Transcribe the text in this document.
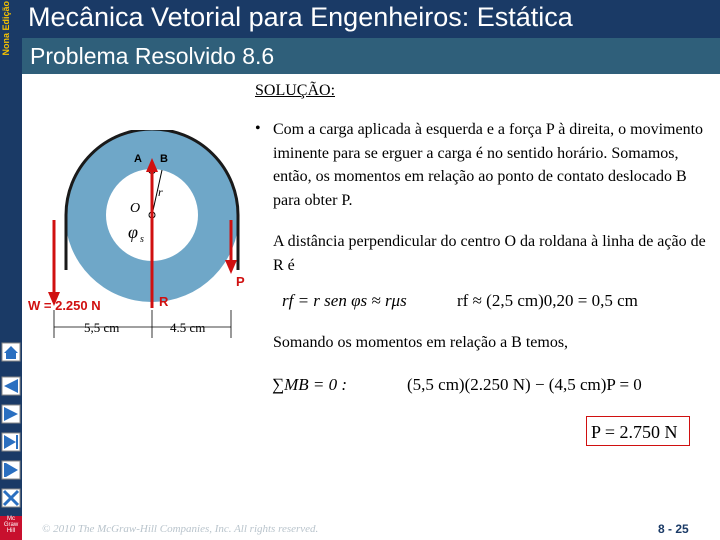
Nona Edição Mecânica Vetorial para Engenheiros: Estática
Problema Resolvido 8.6
A B
O
r
φ s
P
R
W = 2.250 N
5,5 cm	4.5 cm
SOLUÇÃO:
• Com a carga aplicada à esquerda e a força P à direita, o movimento iminente para se erguer a carga é no sentido horário. Somamos, então, os momentos em relação ao ponto de contato deslocado B para obter P.
A distância perpendicular do centro O da roldana à linha de ação de R é
rf = r sen φs ≈ rμs	rf ≈ (2,5 cm)0,20 = 0,5 cm
Somando os momentos em relação a B temos,
∑MB = 0 :	(5,5 cm)(2.250 N) − (4,5 cm)P = 0
P = 2.750 N
Mc Graw Hill	© 2010 The McGraw-Hill Companies, Inc. All rights reserved.	8 - 25
